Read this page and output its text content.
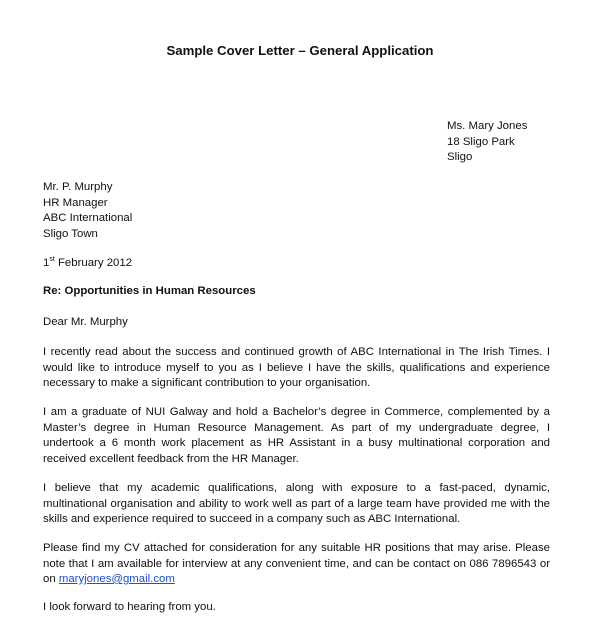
Sample Cover Letter – General Application
Ms. Mary Jones
18 Sligo Park
Sligo
Mr. P. Murphy
HR Manager
ABC International
Sligo Town
1st February 2012
Re: Opportunities in Human Resources
Dear Mr. Murphy
I recently read about the success and continued growth of ABC International in The Irish Times. I
would like to introduce myself to you as I believe I have the skills, qualifications and experience
necessary to make a significant contribution to your organisation.
I am a graduate of NUI Galway and hold a Bachelor’s degree in Commerce, complemented by a
Master’s degree in Human Resource Management. As part of my undergraduate degree, I
undertook a 6 month work placement as HR Assistant in a busy multinational corporation and
received excellent feedback from the HR Manager.
I believe that my academic qualifications, along with exposure to a fast-paced, dynamic,
multinational organisation and ability to work well as part of a large team have provided me with the
skills and experience required to succeed in a company such as ABC International.
Please find my CV attached for consideration for any suitable HR positions that may arise. Please
note that I am available for interview at any convenient time, and can be contact on 086 7896543 or
on maryjones@gmail.com
I look forward to hearing from you.
